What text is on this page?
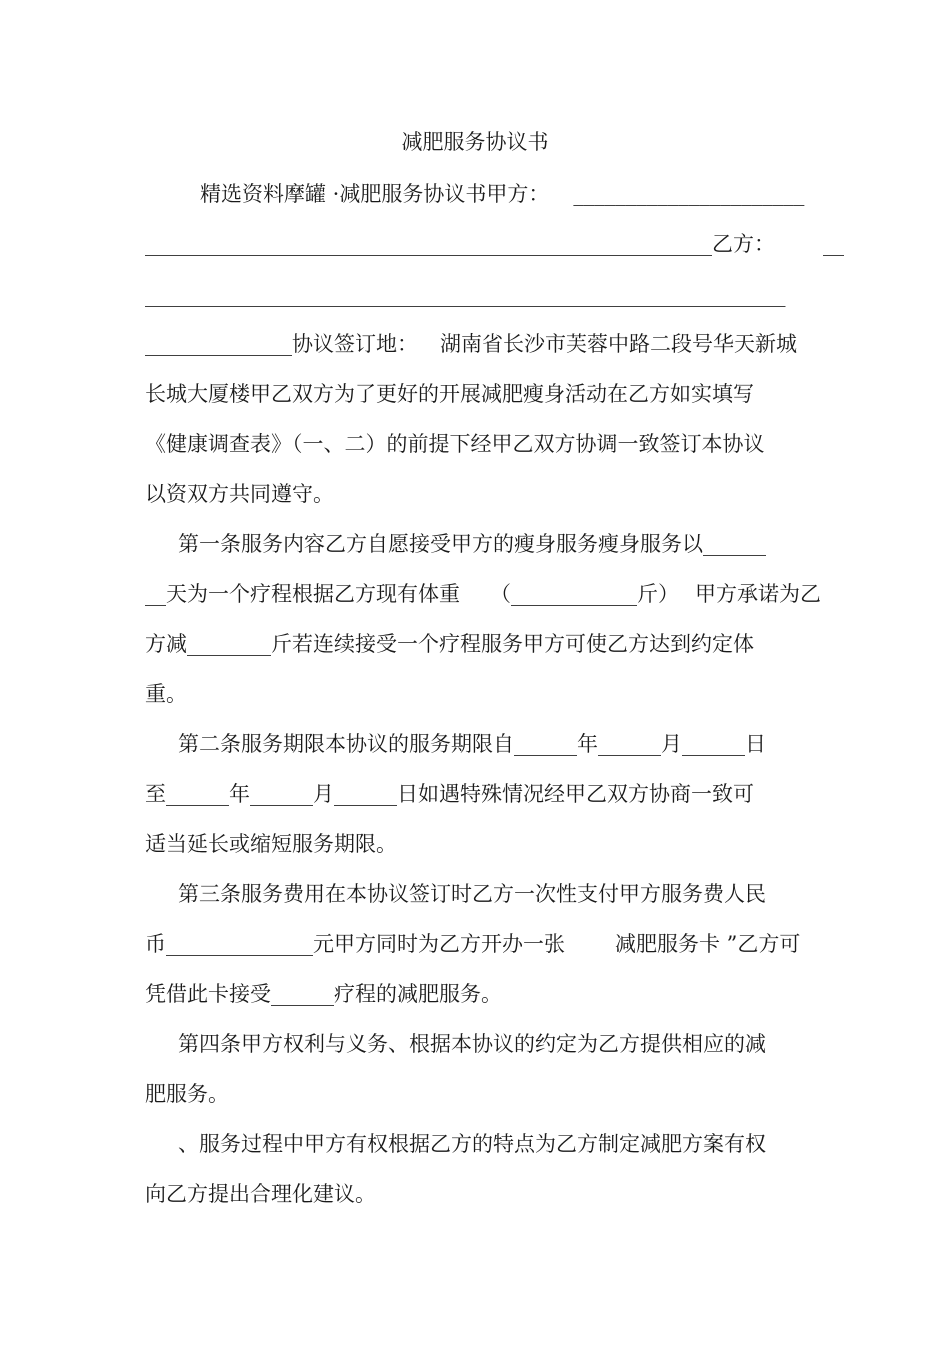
减肥服务协议书
精选资料摩罐 ·减肥服务协议书甲方： ______________________
______________________________________________________乙方： __
_____________________________________________________________
______________协议签订地： 湖南省长沙市芙蓉中路二段号华天新城
长城大厦楼甲乙双方为了更好的开展减肥瘦身活动在乙方如实填写
《健康调查表》（一、二）的前提下经甲乙双方协调一致签订本协议
以资双方共同遵守。
第一条服务内容乙方自愿接受甲方的瘦身服务瘦身服务以______
__天为一个疗程根据乙方现有体重 （____________斤） 甲方承诺为乙
方减________斤若连续接受一个疗程服务甲方可使乙方达到约定体
重。
第二条服务期限本协议的服务期限自______年______月______日
至______年______月______日如遇特殊情况经甲乙双方协商一致可
适当延长或缩短服务期限。
第三条服务费用在本协议签订时乙方一次性支付甲方服务费人民
币______________元甲方同时为乙方开办一张 减肥服务卡 ”乙方可
凭借此卡接受______疗程的减肥服务。
第四条甲方权利与义务、根据本协议的约定为乙方提供相应的减
肥服务。
、服务过程中甲方有权根据乙方的特点为乙方制定减肥方案有权
向乙方提出合理化建议。
